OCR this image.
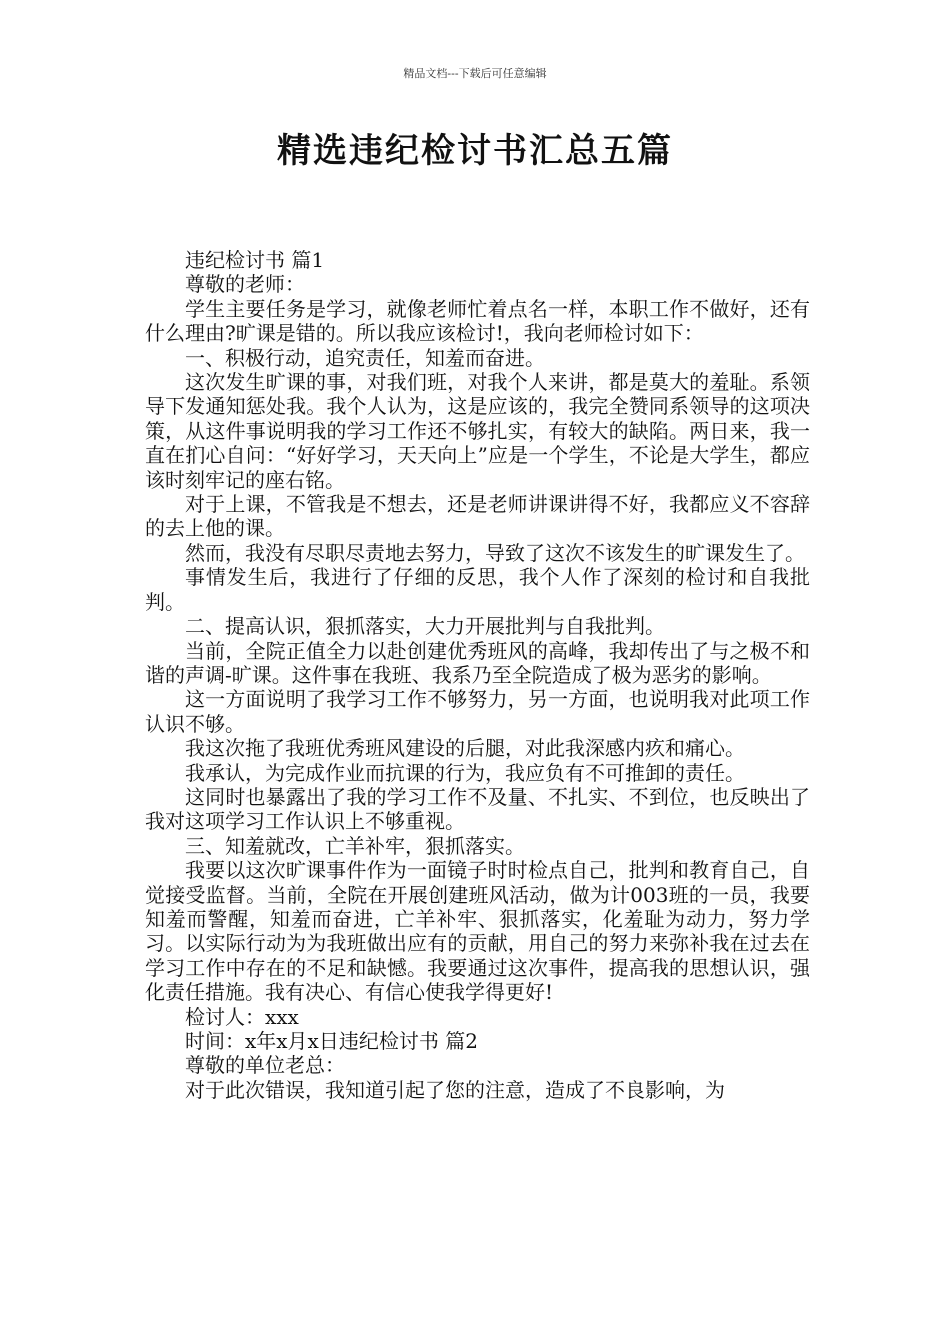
精品文档---下载后可任意编辑
精选违纪检讨书汇总五篇

违纪检讨书 篇1

尊敬的老师：

学生主要任务是学习，就像老师忙着点名一样，本职工作不做好，还有什么理由?旷课是错的。所以我应该检讨!，我向老师检讨如下：

一、积极行动，追究责任，知羞而奋进。

这次发生旷课的事，对我们班，对我个人来讲，都是莫大的羞耻。系领导下发通知惩处我。我个人认为，这是应该的，我完全赞同系领导的这项决策，从这件事说明我的学习工作还不够扎实，有较大的缺陷。两日来，我一直在扪心自问：“好好学习，天天向上”应是一个学生，不论是大学生，都应该时刻牢记的座右铭。

对于上课，不管我是不想去，还是老师讲课讲得不好，我都应义不容辞的去上他的课。

然而，我没有尽职尽责地去努力，导致了这次不该发生的旷课发生了。

事情发生后，我进行了仔细的反思，我个人作了深刻的检讨和自我批判。

二、提高认识，狠抓落实，大力开展批判与自我批判。

当前，全院正值全力以赴创建优秀班风的高峰，我却传出了与之极不和谐的声调-旷课。这件事在我班、我系乃至全院造成了极为恶劣的影响。

这一方面说明了我学习工作不够努力，另一方面，也说明我对此项工作认识不够。

我这次拖了我班优秀班风建设的后腿，对此我深感内疚和痛心。

我承认，为完成作业而抗课的行为，我应负有不可推卸的责任。

这同时也暴露出了我的学习工作不及量、不扎实、不到位，也反映出了我对这项学习工作认识上不够重视。

三、知羞就改，亡羊补牢，狠抓落实。

我要以这次旷课事件作为一面镜子时时检点自己，批判和教育自己，自觉接受监督。当前，全院在开展创建班风活动，做为计003班的一员，我要知羞而警醒，知羞而奋进，亡羊补牢、狠抓落实，化羞耻为动力，努力学习。以实际行动为为我班做出应有的贡献，用自己的努力来弥补我在过去在学习工作中存在的不足和缺憾。我要通过这次事件，提高我的思想认识，强化责任措施。我有决心、有信心使我学得更好!

检讨人：xxx

时间：x年x月x日违纪检讨书 篇2

尊敬的单位老总：

对于此次错误，我知道引起了您的注意，造成了不良影响，为
